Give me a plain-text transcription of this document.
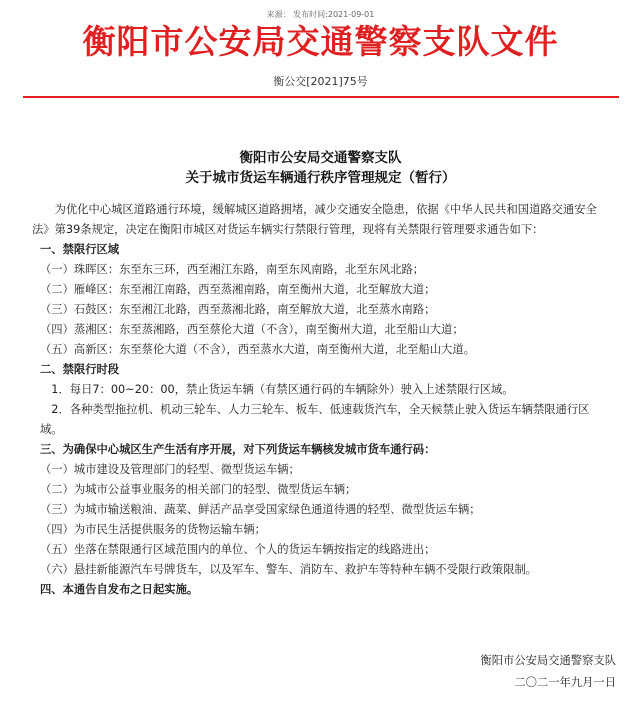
来源： 发布时间:2021-09-01
衡阳市公安局交通警察支队文件
衡公交[2021]75号
衡阳市公安局交通警察支队
关于城市货运车辆通行秩序管理规定（暂行）

为优化中心城区道路通行环境，缓解城区道路拥堵，减少交通安全隐患，依据《中华人民共和国道路交通安全法》第39条规定，决定在衡阳市城区对货运车辆实行禁限行管理，现将有关禁限行管理要求通告如下：

一、禁限行区域

（一）珠晖区：东至东三环，西至湘江东路，南至东风南路，北至东风北路；

（二）雁峰区：东至湘江南路，西至蒸湘南路，南至衡州大道，北至解放大道；

（三）石鼓区：东至湘江北路，西至蒸湘北路，南至解放大道，北至蒸水南路；

（四）蒸湘区：东至蒸湘路，西至蔡伦大道（不含），南至衡州大道，北至船山大道；

（五）高新区：东至蔡伦大道（不含），西至蒸水大道，南至衡州大道，北至船山大道。

二、禁限行时段

1．每日7：00~20：00，禁止货运车辆（有禁区通行码的车辆除外）驶入上述禁限行区域。

2．各种类型拖拉机、机动三轮车、人力三轮车、板车、低速载货汽车，全天候禁止驶入货运车辆禁限通行区域。

三、为确保中心城区生产生活有序开展，对下列货运车辆核发城市货车通行码：

（一）城市建设及管理部门的轻型、微型货运车辆；

（二）为城市公益事业服务的相关部门的轻型、微型货运车辆；

（三）为城市输送粮油、蔬菜、鲜活产品享受国家绿色通道待遇的轻型、微型货运车辆；

（四）为市民生活提供服务的货物运输车辆；

（五）坐落在禁限通行区域范围内的单位、个人的货运车辆按指定的线路进出；

（六）悬挂新能源汽车号牌货车，以及军车、警车、消防车、救护车等特种车辆不受限行政策限制。

四、本通告自发布之日起实施。

衡阳市公安局交通警察支队
二〇二一年九月一日
